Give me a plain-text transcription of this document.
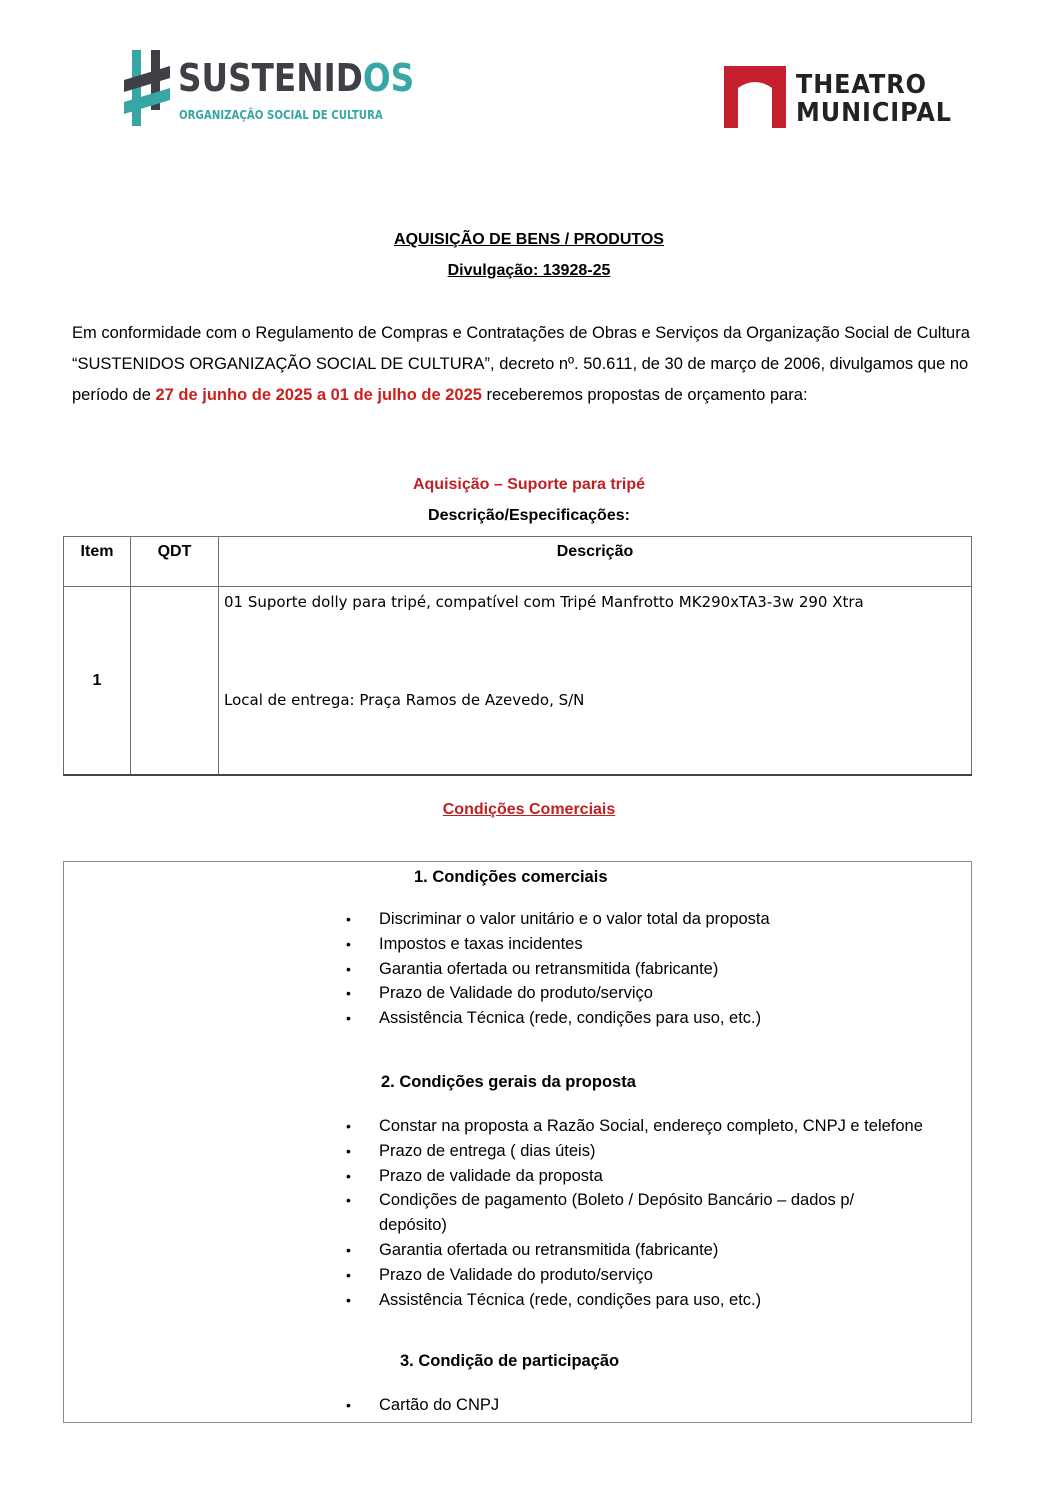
SUSTENIDOS
ORGANIZAÇÃO SOCIAL DE CULTURA
THEATRO
MUNICIPAL
AQUISIÇÃO DE BENS / PRODUTOS
Divulgação: 13928-25
Em conformidade com o Regulamento de Compras e Contratações de Obras e Serviços da Organização Social de Cultura “SUSTENIDOS ORGANIZAÇÃO SOCIAL DE CULTURA”, decreto nº. 50.611, de 30 de março de 2006, divulgamos que no período de 27 de junho de 2025 a 01 de julho de 2025 receberemos propostas de orçamento para:
Aquisição – Suporte para tripé
Descrição/Especificações:
Item	QDT	Descrição
1		01 Suporte dolly para tripé, compatível com Tripé Manfrotto MK290xTA3-3w 290 Xtra
Local de entrega: Praça Ramos de Azevedo, S/N
Condições Comerciais
1. Condições comerciais
• Discriminar o valor unitário e o valor total da proposta
• Impostos e taxas incidentes
• Garantia ofertada ou retransmitida (fabricante)
• Prazo de Validade do produto/serviço
• Assistência Técnica (rede, condições para uso, etc.)
2. Condições gerais da proposta
• Constar na proposta a Razão Social, endereço completo, CNPJ e telefone
• Prazo de entrega ( dias úteis)
• Prazo de validade da proposta
• Condições de pagamento (Boleto / Depósito Bancário – dados p/ depósito)
• Garantia ofertada ou retransmitida (fabricante)
• Prazo de Validade do produto/serviço
• Assistência Técnica (rede, condições para uso, etc.)
3. Condição de participação
• Cartão do CNPJ
